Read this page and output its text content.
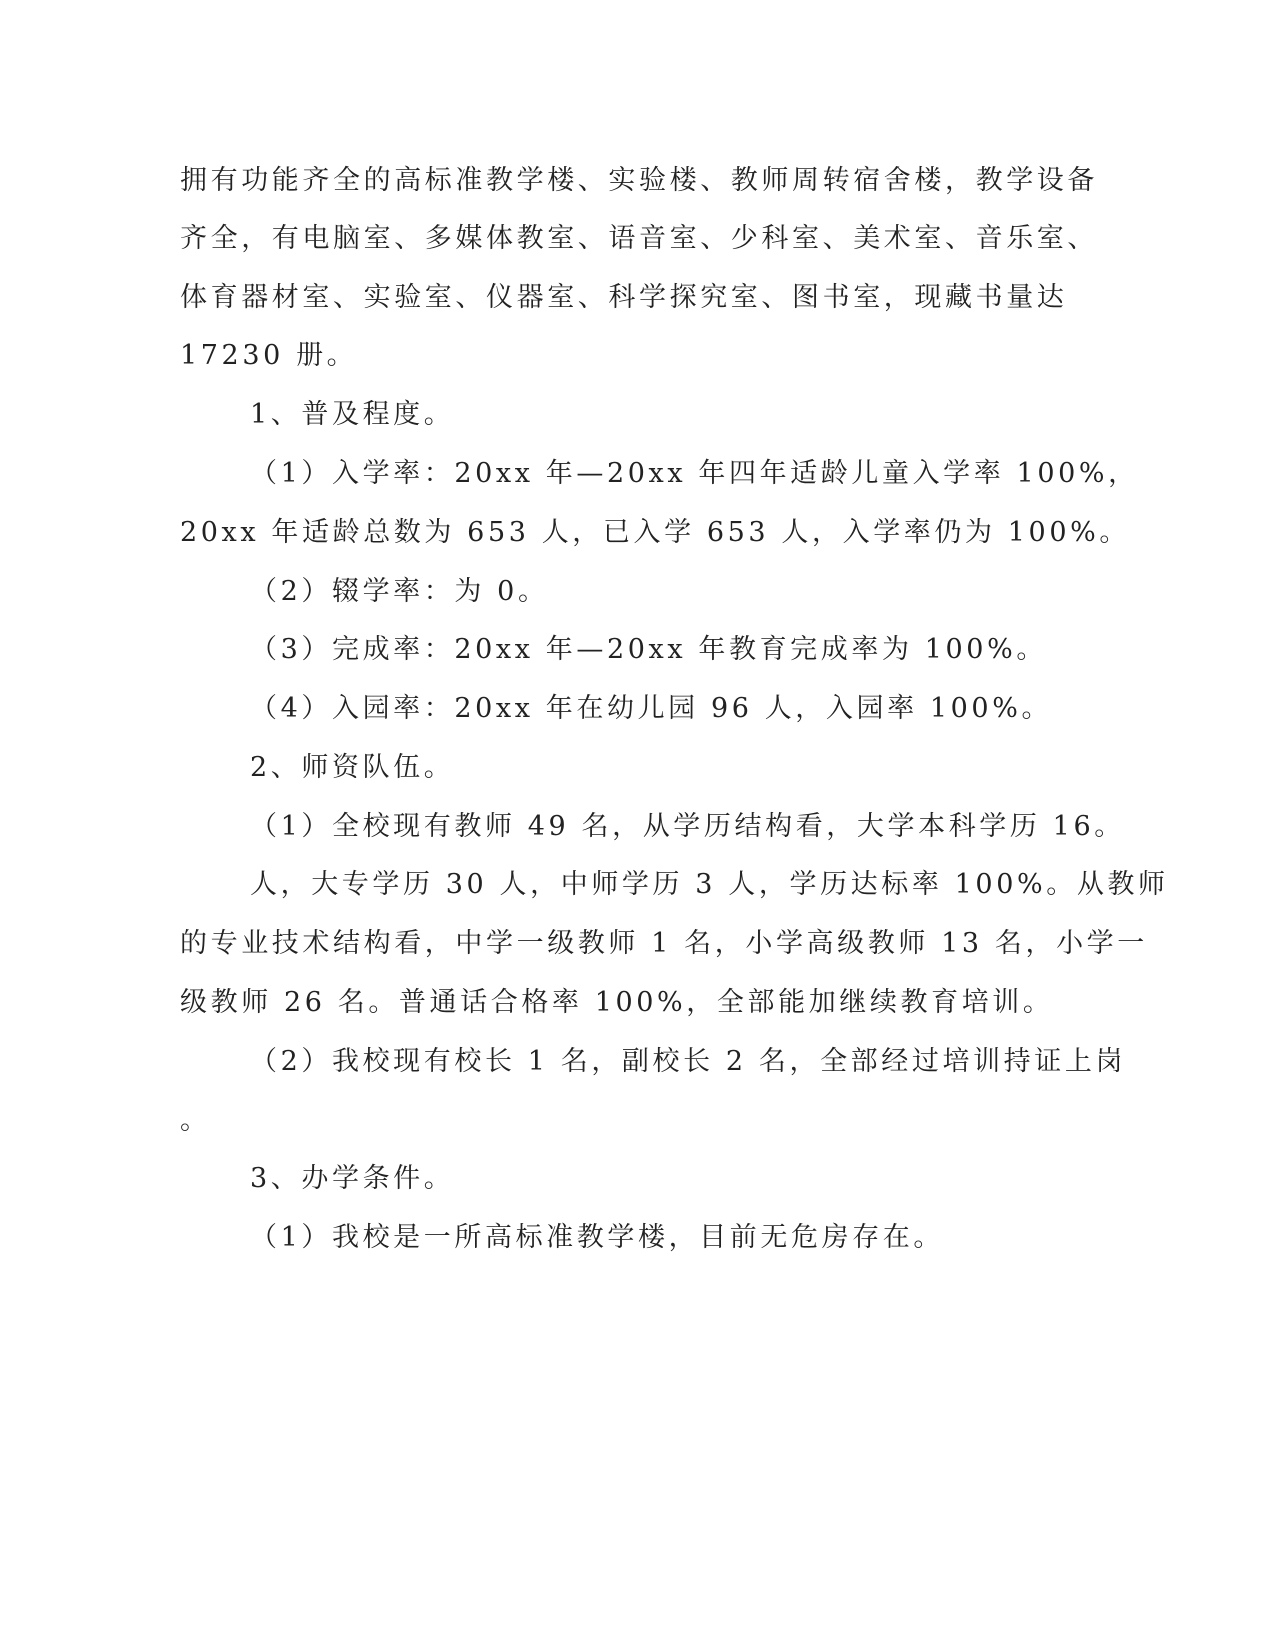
拥有功能齐全的高标准教学楼、实验楼、教师周转宿舍楼，教学设备
齐全，有电脑室、多媒体教室、语音室、少科室、美术室、音乐室、
体育器材室、实验室、仪器室、科学探究室、图书室，现藏书量达
17230 册。
1、普及程度。
（1）入学率：20xx 年—20xx 年四年适龄儿童入学率 100%，
20xx 年适龄总数为 653 人，已入学 653 人，入学率仍为 100%。
（2）辍学率：为 0。
（3）完成率：20xx 年—20xx 年教育完成率为 100%。
（4）入园率：20xx 年在幼儿园 96 人，入园率 100%。
2、师资队伍。
（1）全校现有教师 49 名，从学历结构看，大学本科学历 16。
人，大专学历 30 人，中师学历 3 人，学历达标率 100%。从教师
的专业技术结构看，中学一级教师 1 名，小学高级教师 13 名，小学一
级教师 26 名。普通话合格率 100%，全部能加继续教育培训。
（2）我校现有校长 1 名，副校长 2 名，全部经过培训持证上岗
。
3、办学条件。
（1）我校是一所高标准教学楼，目前无危房存在。
